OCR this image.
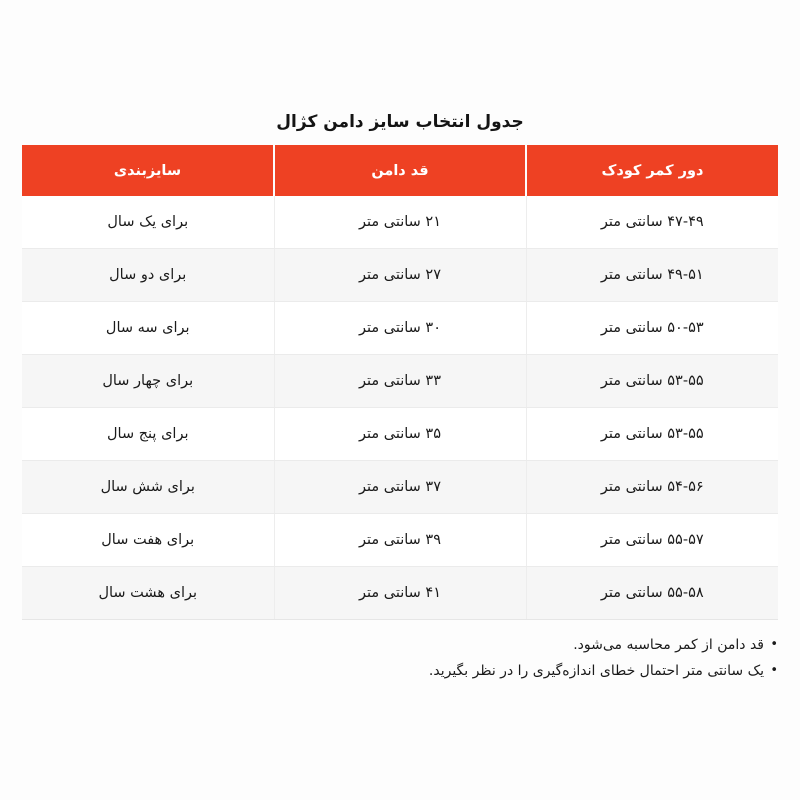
جدول انتخاب سایز دامن کژال
دور کمر کودک	قد دامن	سایزبندی
۴۷-۴۹ سانتی متر	۲۱ سانتی متر	برای یک سال
۴۹-۵۱ سانتی متر	۲۷ سانتی متر	برای دو سال
۵۰-۵۳ سانتی متر	۳۰ سانتی متر	برای سه سال
۵۳-۵۵ سانتی متر	۳۳ سانتی متر	برای چهار سال
۵۳-۵۵ سانتی متر	۳۵ سانتی متر	برای پنج سال
۵۴-۵۶ سانتی متر	۳۷ سانتی متر	برای شش سال
۵۵-۵۷ سانتی متر	۳۹ سانتی متر	برای هفت سال
۵۵-۵۸ سانتی متر	۴۱ سانتی متر	برای هشت سال
•
قد دامن از کمر محاسبه می‌شود.
•
یک سانتی متر احتمال خطای اندازه‌گیری را در نظر بگیرید.
